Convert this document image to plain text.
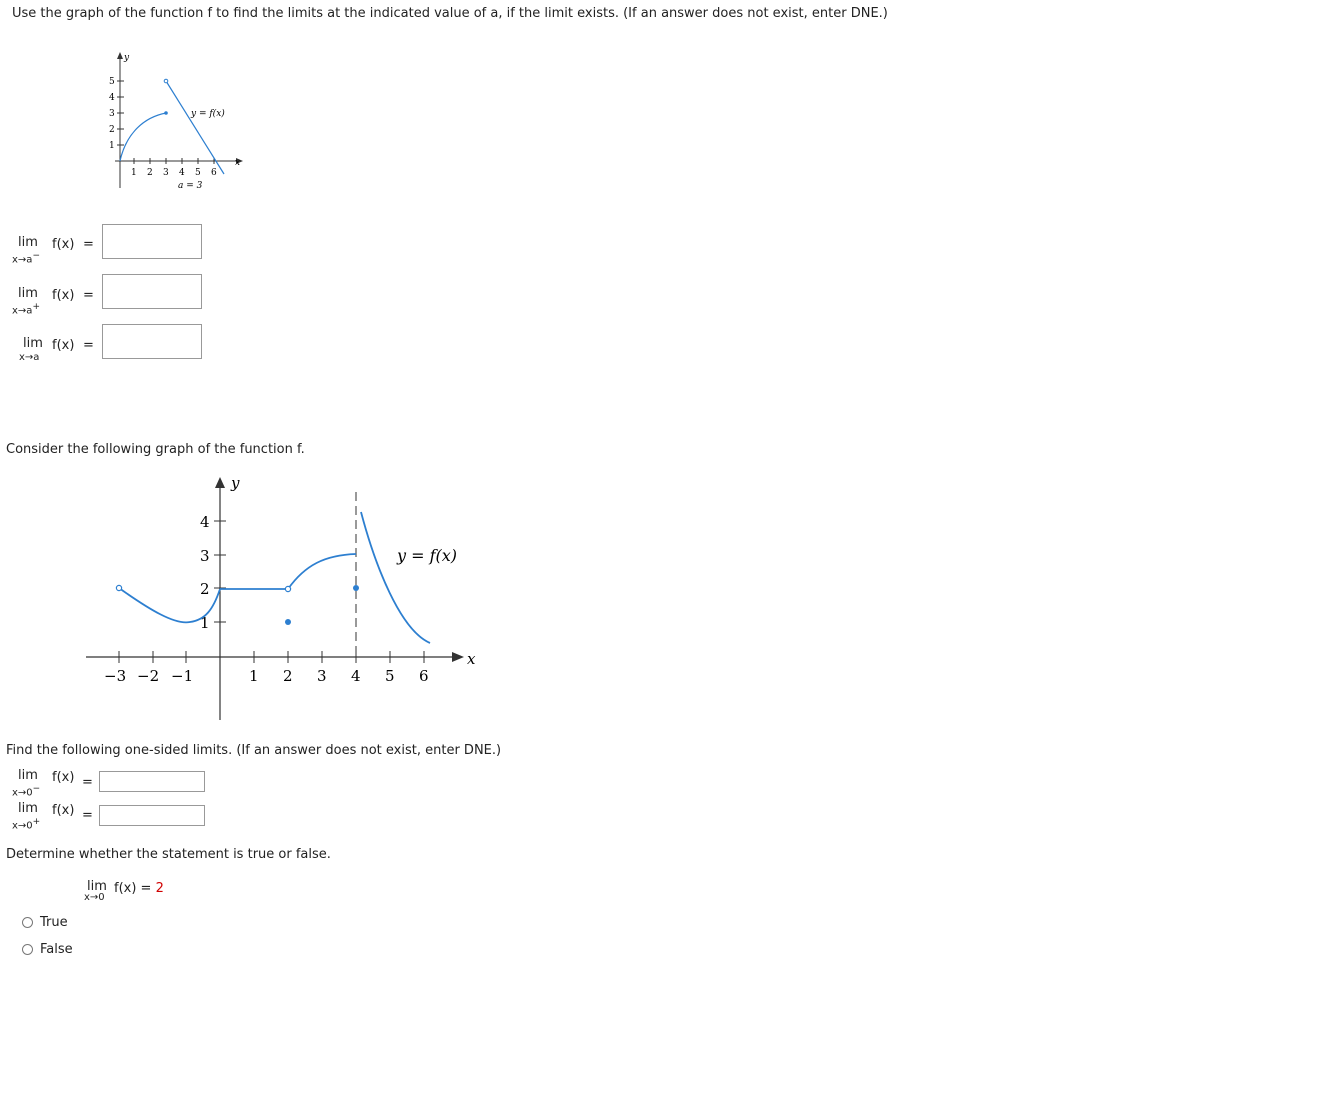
Use the graph of the function f to find the limits at the indicated value of a, if the limit exists. (If an answer does not exist, enter DNE.)
y
x
1
2
3
4
5
1 2 3 4 5 6
a = 3
y = f(x)
lim f(x)
x→a−
=
lim f(x)
x→a+
=
lim f(x)
x→a
=
Consider the following graph of the function f.
y
x
1
2
3
4
−3 −2 −1	1 2 3 4 5 6
y = f(x)
Find the following one-sided limits. (If an answer does not exist, enter DNE.)
lim f(x)
x→0−	=
lim f(x)
x→0+	=
Determine whether the statement is true or false.
lim f(x) = 2
x→0
True
False
